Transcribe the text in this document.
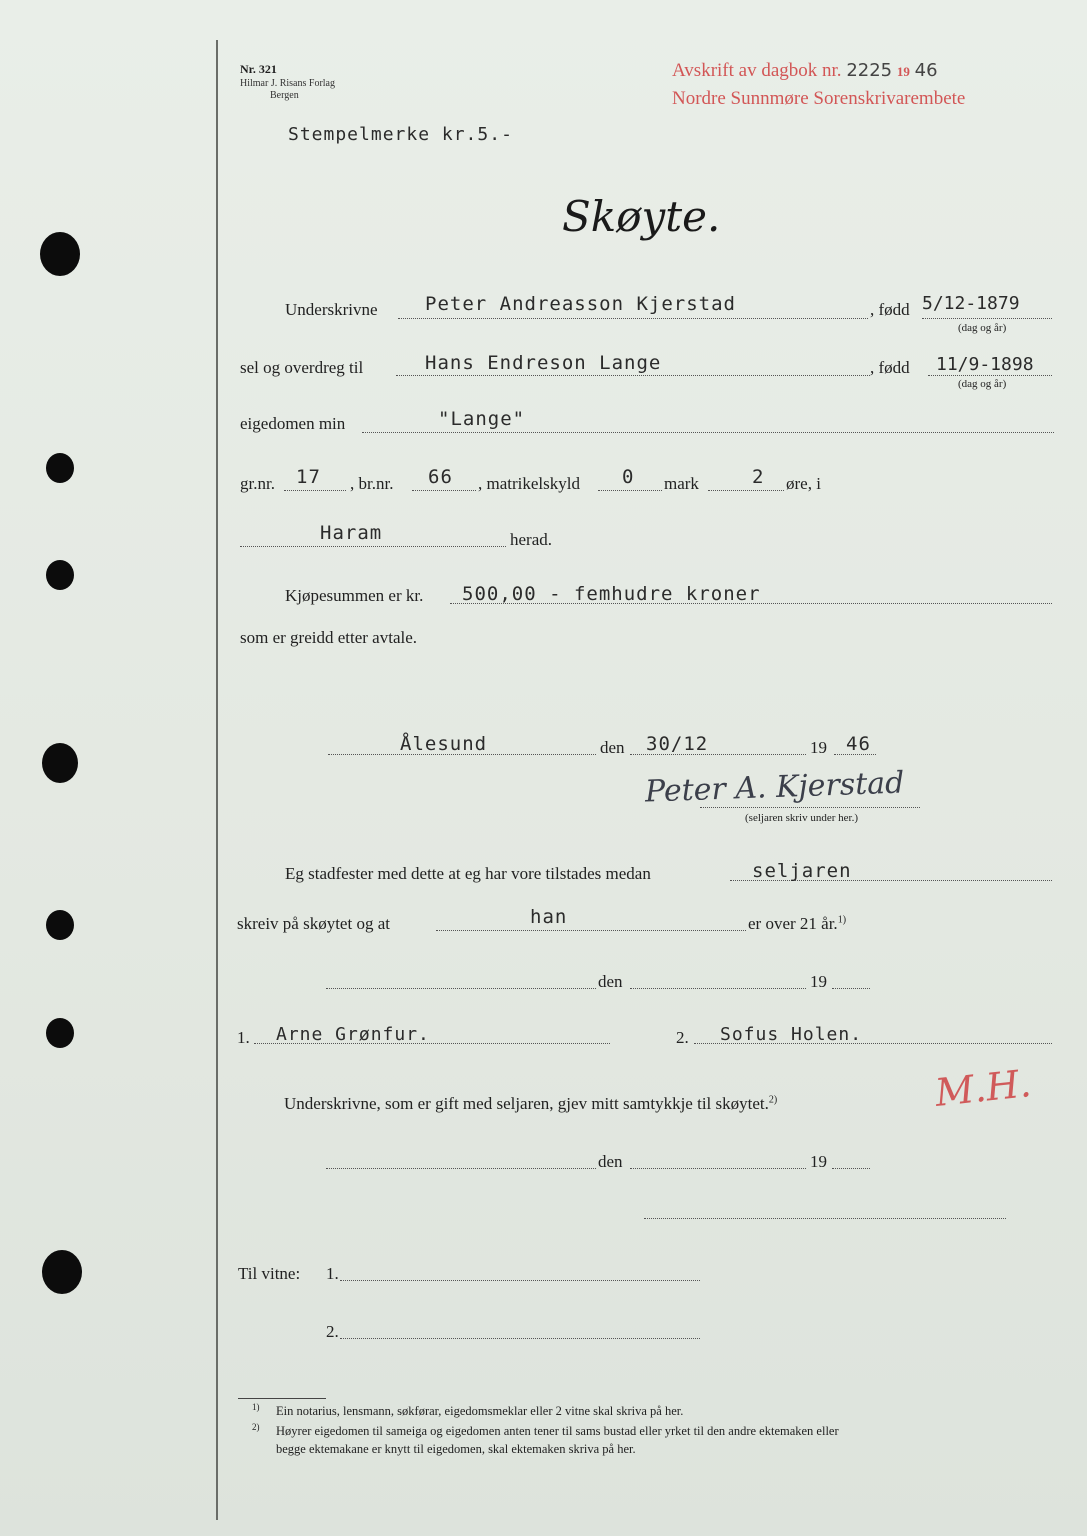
Nr. 321
Hilmar J. Risans Forlag
Bergen
Avskrift av dagbok nr. 2225 19 46
Nordre Sunnmøre Sorenskrivarembete
Stempelmerke kr.5.-
Skøyte.
Underskrivne Peter Andreasson Kjerstad	, fødd 5/12-1879
(dag og år)
sel og overdreg til	Hans Endreson Lange	, fødd 11/9-1898
(dag og år)
eigedomen min	"Lange"
gr.nr. 17 , br.nr. 66 , matrikelskyld 0 mark	2 øre, i
Haram	herad.
Kjøpesummen er kr. 500,00 - femhudre kroner
som er greidd etter avtale.
Ålesund	den 30/12	19 46
Peter A. Kjerstad
(seljaren skriv under her.)
Eg stadfester med dette at eg har vore tilstades medan	seljaren
skreiv på skøytet og at	han	er over 21 år.$^{1)}$
den	19
1. Arne Grønfur.	2. Sofus Holen.
M.H.
Underskrivne, som er gift med seljaren, gjev mitt samtykkje til skøytet.$^{2)}$
den	19
Til vitne: 1.
2.
1) Ein notarius, lensmann, søkførar, eigedomsmeklar eller 2 vitne skal skriva på her.
2) Høyrer eigedomen til sameiga og eigedomen anten tener til sams bustad eller yrket til den andre ektemaken eller
begge ektemakane er knytt til eigedomen, skal ektemaken skriva på her.
